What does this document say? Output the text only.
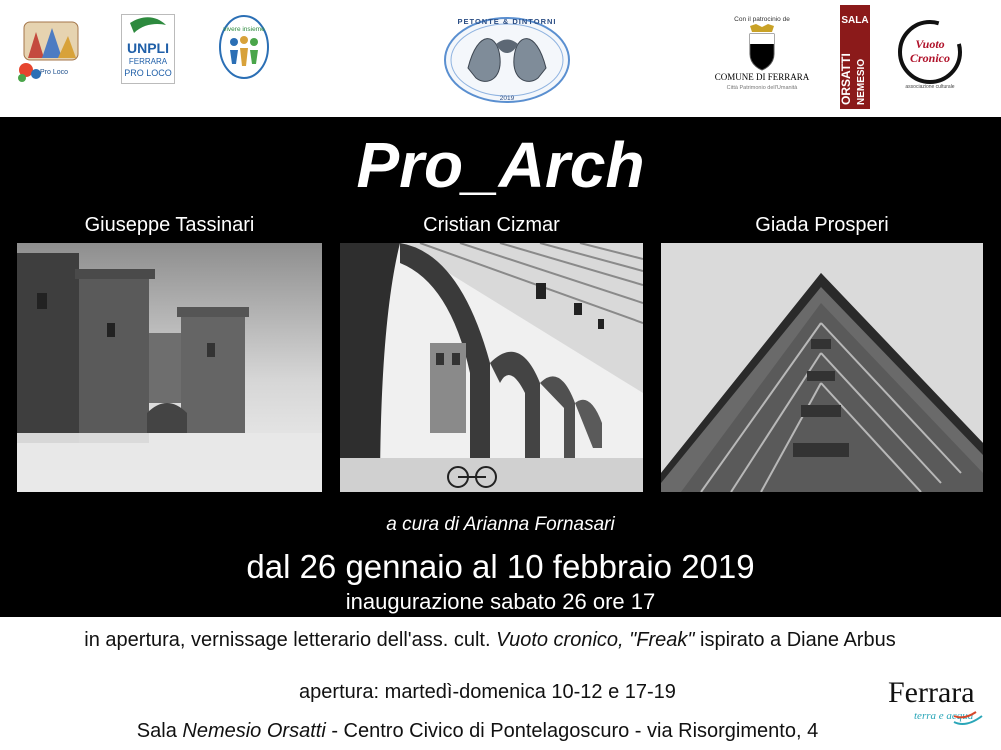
Pro Loco
UNPLI
FERRARA
PRO LOCO
vivere insieme
PETONTE & DINTORNI
2019
Con il patrocinio de
COMUNE DI FERRARA
Città Patrimonio dell'Umanità
SALA
ORSATTI NEMESIO
Vuoto
Cronico
associazione culturale
Pro_Arch
Giuseppe Tassinari	Cristian Cizmar	Giada Prosperi
a cura di Arianna Fornasari
dal 26 gennaio al 10 febbraio 2019
inaugurazione sabato 26 ore 17
in apertura, vernissage letterario dell'ass. cult. Vuoto cronico, "Freak" ispirato a Diane Arbus
apertura: martedì-domenica 10-12 e 17-19
Sala Nemesio Orsatti - Centro Civico di Pontelagoscuro - via Risorgimento, 4
Ferrara
terra e acqua
